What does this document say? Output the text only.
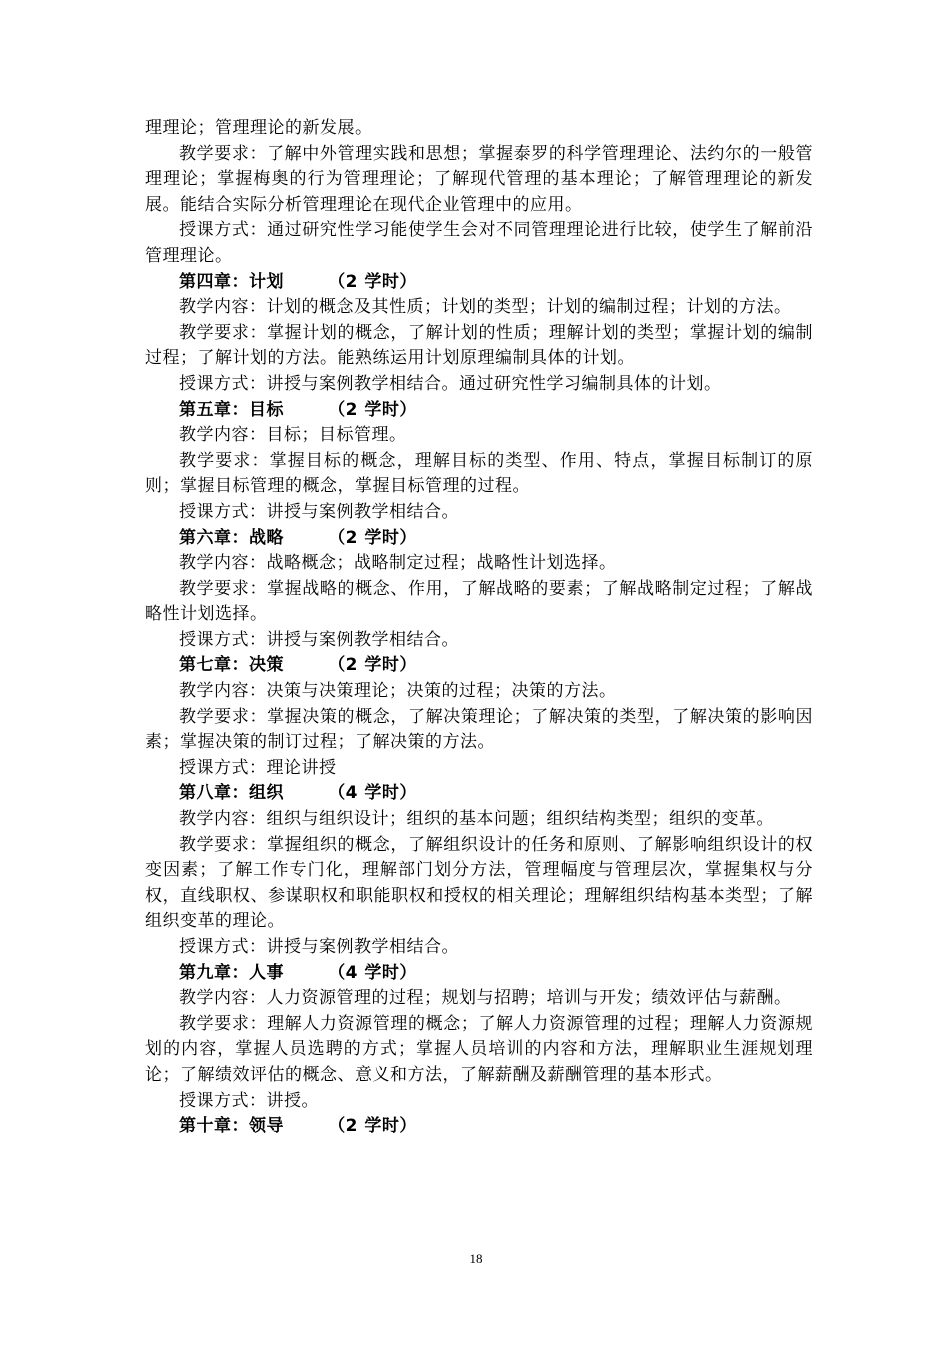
理理论；管理理论的新发展。

教学要求：了解中外管理实践和思想；掌握泰罗的科学管理理论、法约尔的一般管理理论；掌握梅奥的行为管理理论；了解现代管理的基本理论；了解管理理论的新发展。能结合实际分析管理理论在现代企业管理中的应用。

授课方式：通过研究性学习能使学生会对不同管理理论进行比较，使学生了解前沿管理理论。

第四章：计划	（2 学时）

教学内容：计划的概念及其性质；计划的类型；计划的编制过程；计划的方法。

教学要求：掌握计划的概念，了解计划的性质；理解计划的类型；掌握计划的编制过程；了解计划的方法。能熟练运用计划原理编制具体的计划。

授课方式：讲授与案例教学相结合。通过研究性学习编制具体的计划。

第五章：目标	（2 学时）

教学内容：目标；目标管理。

教学要求：掌握目标的概念，理解目标的类型、作用、特点，掌握目标制订的原则；掌握目标管理的概念，掌握目标管理的过程。

授课方式：讲授与案例教学相结合。

第六章：战略	（2 学时）

教学内容：战略概念；战略制定过程；战略性计划选择。

教学要求：掌握战略的概念、作用，了解战略的要素；了解战略制定过程；了解战略性计划选择。

授课方式：讲授与案例教学相结合。

第七章：决策	（2 学时）

教学内容：决策与决策理论；决策的过程；决策的方法。

教学要求：掌握决策的概念，了解决策理论；了解决策的类型，了解决策的影响因素；掌握决策的制订过程；了解决策的方法。

授课方式：理论讲授

第八章：组织	（4 学时）

教学内容：组织与组织设计；组织的基本问题；组织结构类型；组织的变革。

教学要求：掌握组织的概念，了解组织设计的任务和原则、了解影响组织设计的权变因素；了解工作专门化，理解部门划分方法，管理幅度与管理层次，掌握集权与分权，直线职权、参谋职权和职能职权和授权的相关理论；理解组织结构基本类型；了解组织变革的理论。

授课方式：讲授与案例教学相结合。

第九章：人事	（4 学时）

教学内容：人力资源管理的过程；规划与招聘；培训与开发；绩效评估与薪酬。

教学要求：理解人力资源管理的概念；了解人力资源管理的过程；理解人力资源规划的内容，掌握人员选聘的方式；掌握人员培训的内容和方法，理解职业生涯规划理论；了解绩效评估的概念、意义和方法，了解薪酬及薪酬管理的基本形式。

授课方式：讲授。

第十章：领导	（2 学时）

18
